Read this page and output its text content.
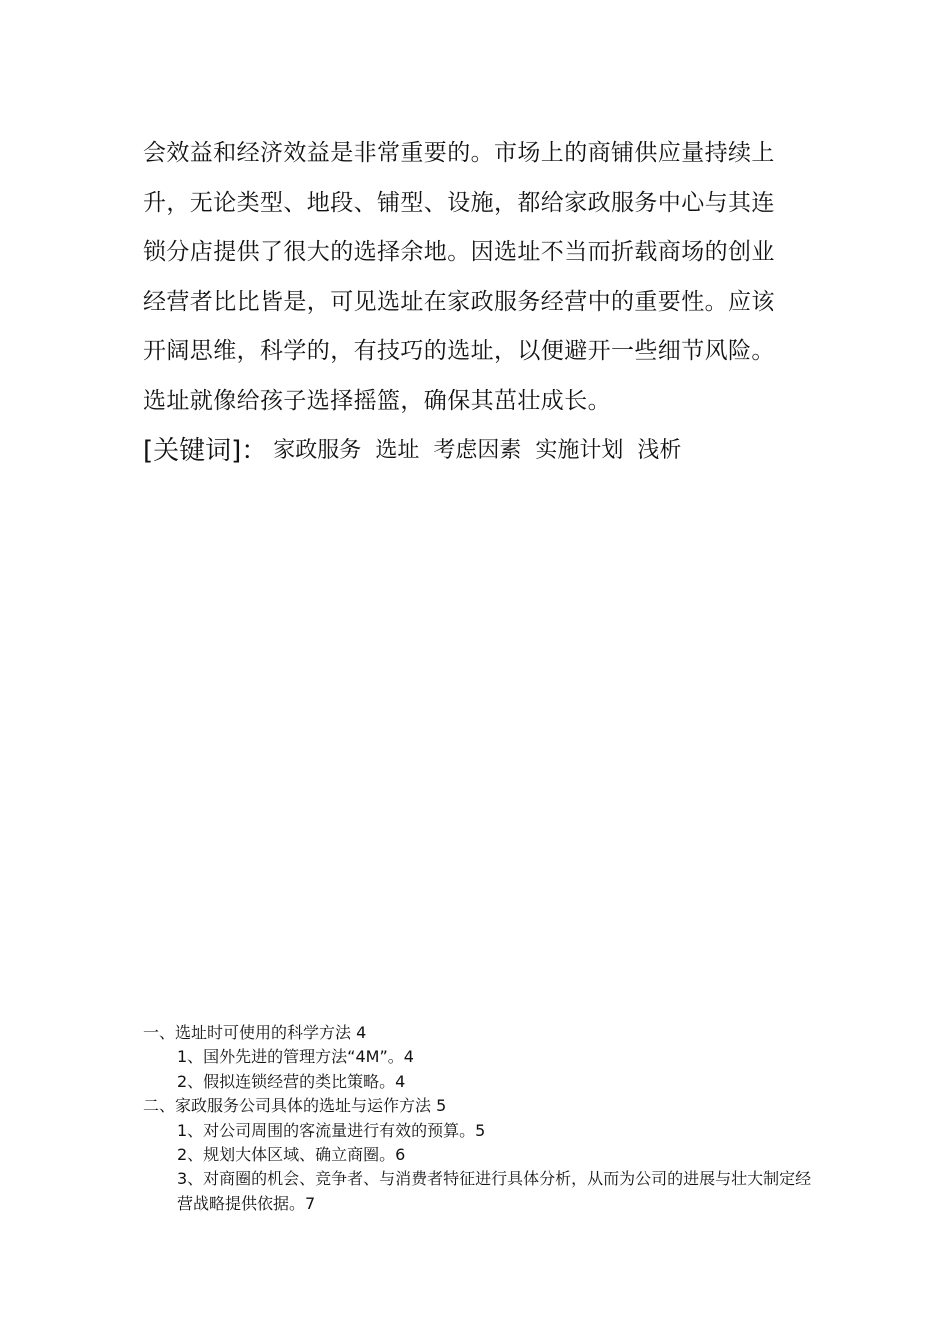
会效益和经济效益是非常重要的。市场上的商铺供应量持续上
升，无论类型、地段、铺型、设施，都给家政服务中心与其连
锁分店提供了很大的选择余地。因选址不当而折载商场的创业
经营者比比皆是，可见选址在家政服务经营中的重要性。应该
开阔思维，科学的，有技巧的选址，以便避开一些细节风险。
选址就像给孩子选择摇篮，确保其茁壮成长。
[关键词]： 家政服务 选址 考虑因素 实施计划 浅析
一、选址时可使用的科学方法 4
1、国外先进的管理方法“4M”。4
2、假拟连锁经营的类比策略。4
二、家政服务公司具体的选址与运作方法 5
1、对公司周围的客流量进行有效的预算。5
2、规划大体区域、确立商圈。6
3、对商圈的机会、竞争者、与消费者特征进行具体分析，从而为公司的进展与壮大制定经营战略提供依据。7
